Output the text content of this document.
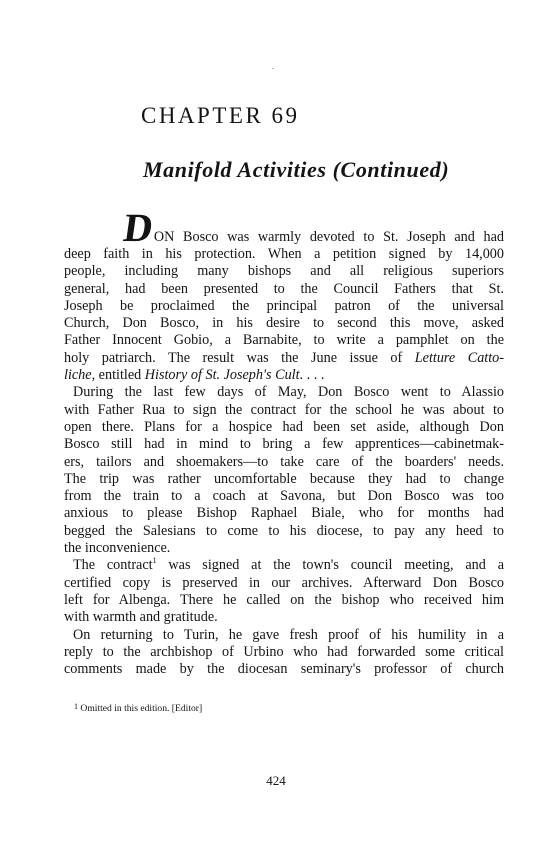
CHAPTER 69
Manifold Activities (Continued)
D
ON Bosco was warmly devoted to St. Joseph and had
deep faith in his protection. When a petition signed by 14,000
people, including many bishops and all religious superiors
general, had been presented to the Council Fathers that St.
Joseph be proclaimed the principal patron of the universal
Church, Don Bosco, in his desire to second this move, asked
Father Innocent Gobio, a Barnabite, to write a pamphlet on the
holy patriarch. The result was the June issue of Letture Catto-
liche, entitled History of St. Joseph's Cult. . . .
During the last few days of May, Don Bosco went to Alassio
with Father Rua to sign the contract for the school he was about to
open there. Plans for a hospice had been set aside, although Don
Bosco still had in mind to bring a few apprentices—cabinetmak-
ers, tailors and shoemakers—to take care of the boarders' needs.
The trip was rather uncomfortable because they had to change
from the train to a coach at Savona, but Don Bosco was too
anxious to please Bishop Raphael Biale, who for months had
begged the Salesians to come to his diocese, to pay any heed to
the inconvenience.
The contract$^1$ was signed at the town's council meeting, and a
certified copy is preserved in our archives. Afterward Don Bosco
left for Albenga. There he called on the bishop who received him
with warmth and gratitude.
On returning to Turin, he gave fresh proof of his humility in a
reply to the archbishop of Urbino who had forwarded some critical
comments made by the diocesan seminary's professor of church
$^1$ Omitted in this edition. [Editor]
424
